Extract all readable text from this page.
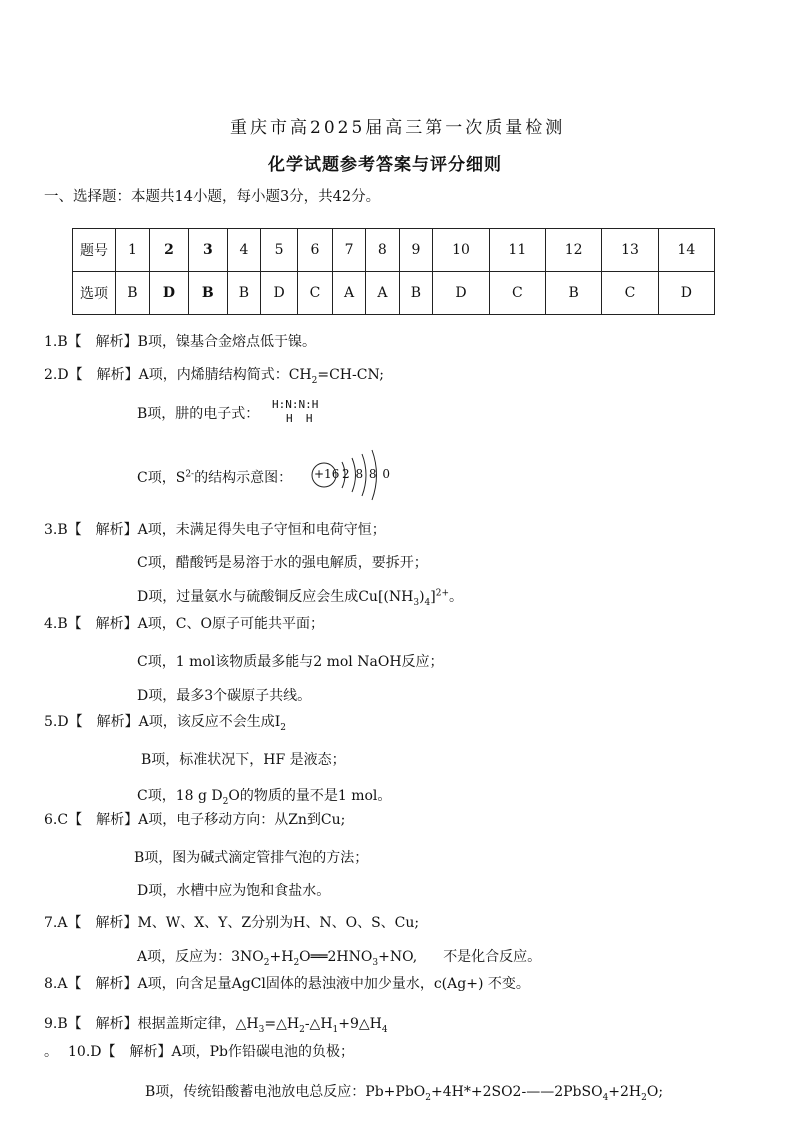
重庆市高2025届高三第一次质量检测
化学试题参考答案与评分细则
一、选择题：本题共14小题，每小题3分，共42分。
题号	1	2	3	4	5	6	7	8	9	10	11	12	13	14
选项	B	D	B	B	D	C	A	A	B	D	C	B	C	D
1.B【　解析】B项，镍基合金熔点低于镍。
2.D【　解析】A项，内烯腈结构简式：$CH_2=CH-CN$;
B项，肼的电子式：
H:N:N:H
H  H
C项，$S^{2-}$的结构示意图： +16 2 8 8 0
3.B【　解析】A项，未满足得失电子守恒和电荷守恒；
C项，醋酸钙是易溶于水的强电解质，要拆开；
D项，过量氨水与硫酸铜反应会生成$Cu[(NH_3)_4]^{2+}$。
4.B【　解析】A项，C、O原子可能共平面；
C项，1 mol该物质最多能与2 mol NaOH反应；
D项，最多3个碳原子共线。
5.D【　解析】A项，该反应不会生成$I_2$
B项，标准状况下，HF 是液态；
C项，18 g $D_2O$的物质的量不是1 mol。
6.C【　解析】A项，电子移动方向：从Zn到Cu;
B项，图为碱式滴定管排气泡的方法；
D项，水槽中应为饱和食盐水。
7.A【　解析】M、W、X、Y、Z分别为H、N、O、S、Cu;
A项，反应为：$3NO_2+H_2O══2HNO_3+NO$, 不是化合反应。
8.A【　解析】A项，向含足量AgCl固体的悬浊液中加少量水，c(Ag+) 不变。
9.B【　解析】根据盖斯定律，$\triangle H_3=\triangle H_2-\triangle H_1+9\triangle H_4$
。 10.D【　解析】A项，Pb作铅碳电池的负极；
B项，传统铅酸蓄电池放电总反应：$Pb+PbO_2+4H*+2SO2-——2PbSO_4+2H_2O$;
